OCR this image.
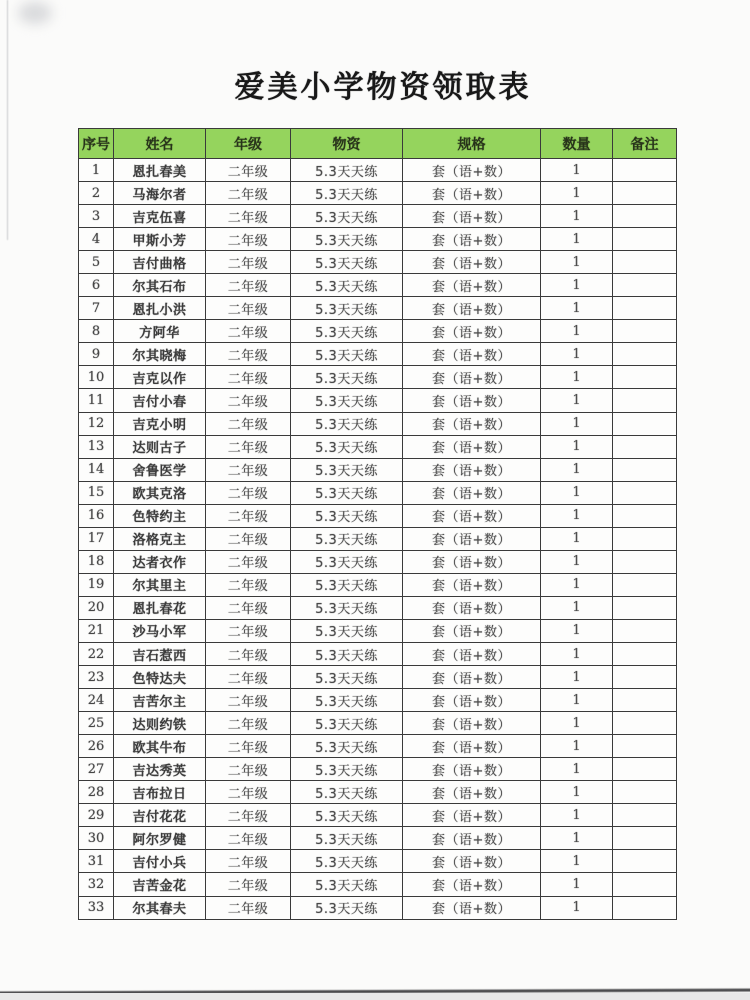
爱美小学物资领取表
序号	姓名	年级	物资	规格	数量	备注
1	恩扎春美	二年级	5.3天天练	套（语+数）	1	
2	马海尔者	二年级	5.3天天练	套（语+数）	1	
3	吉克伍喜	二年级	5.3天天练	套（语+数）	1	
4	甲斯小芳	二年级	5.3天天练	套（语+数）	1	
5	吉付曲格	二年级	5.3天天练	套（语+数）	1	
6	尔其石布	二年级	5.3天天练	套（语+数）	1	
7	恩扎小洪	二年级	5.3天天练	套（语+数）	1	
8	方阿华	二年级	5.3天天练	套（语+数）	1	
9	尔其晓梅	二年级	5.3天天练	套（语+数）	1	
10	吉克以作	二年级	5.3天天练	套（语+数）	1	
11	吉付小春	二年级	5.3天天练	套（语+数）	1	
12	吉克小明	二年级	5.3天天练	套（语+数）	1	
13	达则古子	二年级	5.3天天练	套（语+数）	1	
14	舍鲁医学	二年级	5.3天天练	套（语+数）	1	
15	欧其克洛	二年级	5.3天天练	套（语+数）	1	
16	色特约主	二年级	5.3天天练	套（语+数）	1	
17	洛格克主	二年级	5.3天天练	套（语+数）	1	
18	达者衣作	二年级	5.3天天练	套（语+数）	1	
19	尔其里主	二年级	5.3天天练	套（语+数）	1	
20	恩扎春花	二年级	5.3天天练	套（语+数）	1	
21	沙马小军	二年级	5.3天天练	套（语+数）	1	
22	吉石惹西	二年级	5.3天天练	套（语+数）	1	
23	色特达夫	二年级	5.3天天练	套（语+数）	1	
24	吉苦尔主	二年级	5.3天天练	套（语+数）	1	
25	达则约铁	二年级	5.3天天练	套（语+数）	1	
26	欧其牛布	二年级	5.3天天练	套（语+数）	1	
27	吉达秀英	二年级	5.3天天练	套（语+数）	1	
28	吉布拉日	二年级	5.3天天练	套（语+数）	1	
29	吉付花花	二年级	5.3天天练	套（语+数）	1	
30	阿尔罗健	二年级	5.3天天练	套（语+数）	1	
31	吉付小兵	二年级	5.3天天练	套（语+数）	1	
32	吉苦金花	二年级	5.3天天练	套（语+数）	1	
33	尔其春夫	二年级	5.3天天练	套（语+数）	1	
